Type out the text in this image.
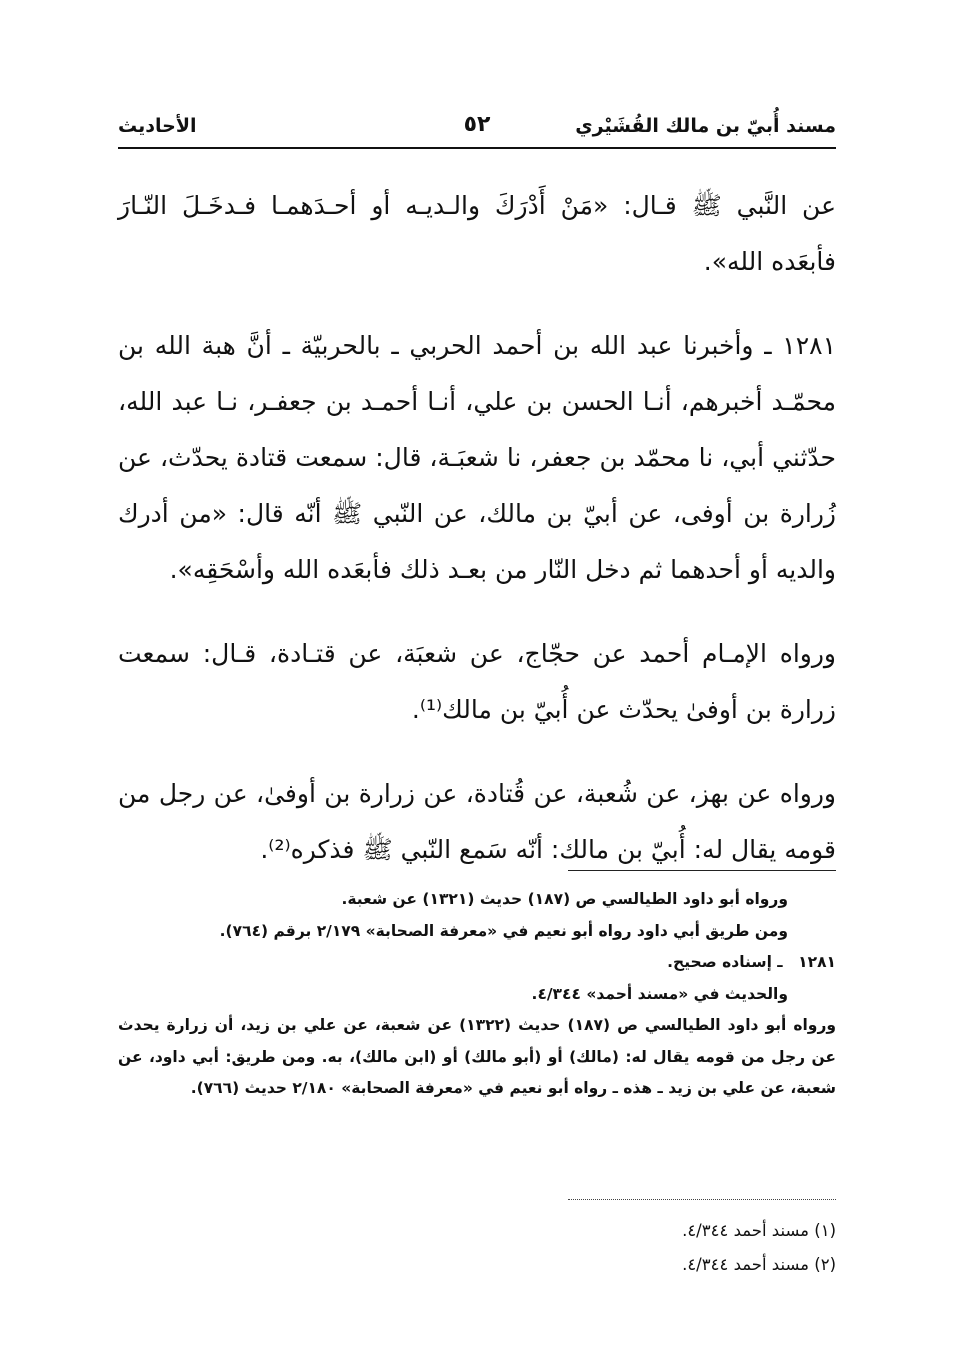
مسند أُبيّ بن مالك القُشَيْري
٥٢
الأحاديث

عن النَّبي ﷺ قـال: «مَنْ أَدْرَكَ والـديـه أو أحـدَهمـا فـدخَـلَ النّـارَ فأبعَده الله».

١٢٨١ ـ وأخبرنا عبد الله بن أحمد الحربي ـ بالحربيّة ـ أنَّ هبة الله بن محمّـد أخبرهم، أنـا الحسن بن علي، أنـا أحمـد بن جعفـر، نـا عبد الله، حدّثني أبي، نا محمّد بن جعفر، نا شعبَـة، قال: سمعت قتادة يحدّث، عن زُرارة بن أوفى، عن أبيّ بن مالك، عن النّبي ﷺ أنّه قال: «من أدرك والديه أو أحدهما ثم دخل النّار من بعـد ذلك فأبعَده الله وأسْحَقِه».

ورواه الإمـام أحمد عن حجّاج، عن شعبَة، عن قتـادة، قـال: سمعت زرارة بن أوفىٰ يحدّث عن أُبيّ بن مالك⁽¹⁾.

ورواه عن بهز، عن شُعبة، عن قُتادة، عن زرارة بن أوفىٰ، عن رجل من قومه يقال له: أُبيّ بن مالك: أنّه سَمع النّبي ﷺ فذكره⁽²⁾.

ورواه أبو داود الطيالسي ص (١٨٧) حديث (١٣٢١) عن شعبة.

ومن طريق أبي داود رواه أبو نعيم في «معرفة الصحابة» ٢/١٧٩ برقم (٧٦٤).

١٢٨١ ـ إسناده صحيح.

والحديث في «مسند أحمد» ٤/٣٤٤.

ورواه أبو داود الطيالسي ص (١٨٧) حديث (١٣٢٢) عن شعبة، عن علي بن زيد، أن زرارة يحدث عن رجل من قومه يقال له: (مالك) أو (أبو مالك) أو (ابن مالك)، به. ومن طريق: أبي داود، عن شعبة، عن علي بن زيد ـ هذه ـ رواه أبو نعيم في «معرفة الصحابة» ٢/١٨٠ حديث (٧٦٦).

(١) مسند أحمد ٤/٣٤٤.

(٢) مسند أحمد ٤/٣٤٤.
